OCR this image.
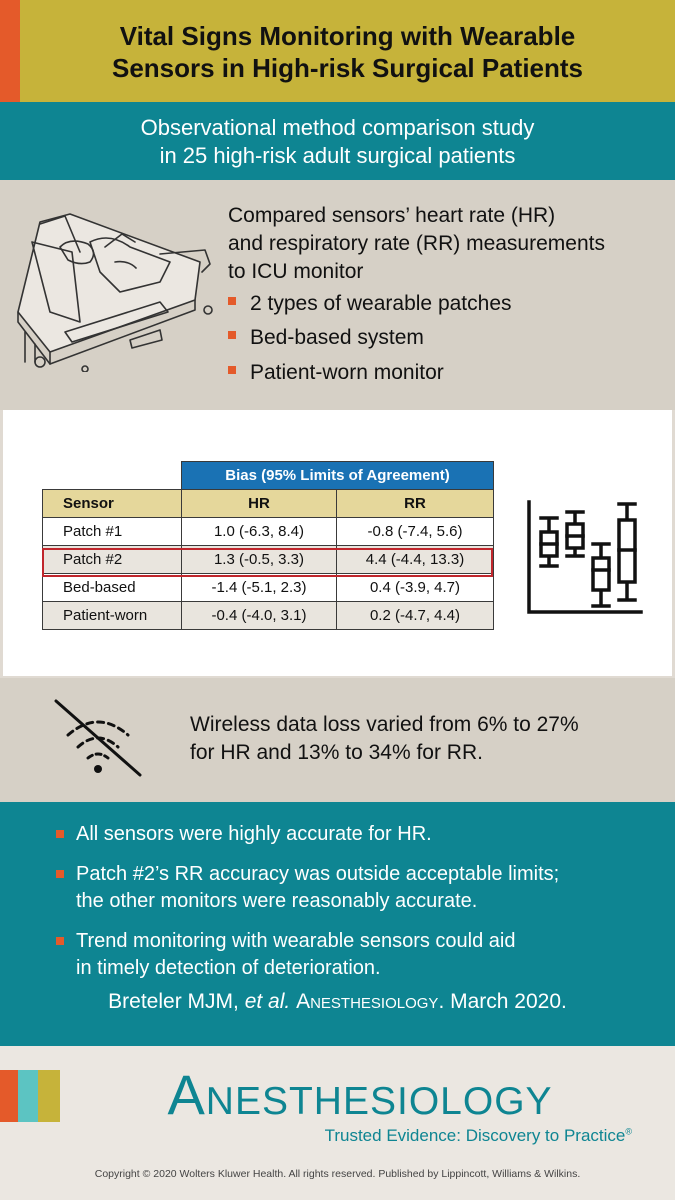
Vital Signs Monitoring with Wearable
Sensors in High-risk Surgical Patients
Observational method comparison study
in 25 high-risk adult surgical patients
Compared sensors’ heart rate (HR)
and respiratory rate (RR) measurements
to ICU monitor
2 types of wearable patches
Bed-based system
Patient-worn monitor
	Bias (95% Limits of Agreement)	
Sensor	HR	RR
Patch #1	1.0 (-6.3, 8.4)	-0.8 (-7.4, 5.6)
Patch #2	1.3 (-0.5, 3.3)	4.4 (-4.4, 13.3)
Bed-based	-1.4 (-5.1, 2.3)	0.4 (-3.9, 4.7)
Patient-worn	-0.4 (-4.0, 3.1)	0.2 (-4.7, 4.4)
Wireless data loss varied from 6% to 27%
for HR and 13% to 34% for RR.
All sensors were highly accurate for HR.
Patch #2’s RR accuracy was outside acceptable limits;
the other monitors were reasonably accurate.
Trend monitoring with wearable sensors could aid
in timely detection of deterioration.
Breteler MJM, et al. Anesthesiology. March 2020.
Anesthesiology
Trusted Evidence: Discovery to Practice®
Copyright © 2020 Wolters Kluwer Health. All rights reserved. Published by Lippincott, Williams & Wilkins.
